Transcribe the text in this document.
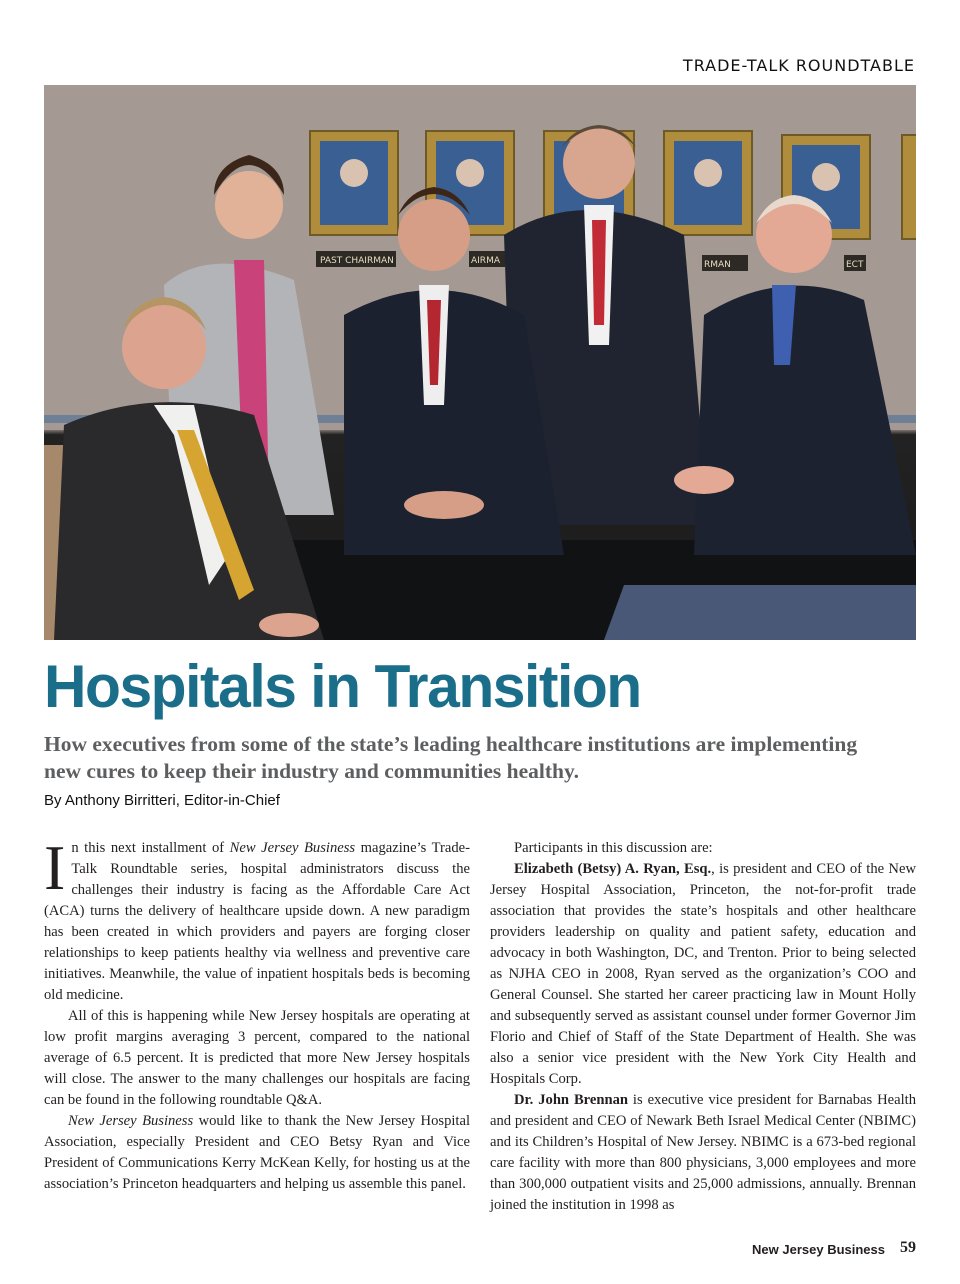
TRADE-TALK ROUNDTABLE
PAST CHAIRMAN	AIRMA	RMAN	ECT
Hospitals in Transition

How executives from some of the state’s leading healthcare institutions are implementing new cures to keep their industry and communities healthy.

By Anthony Birritteri, Editor-in-Chief

In this next installment of New Jersey Business magazine’s Trade-Talk Roundtable series, hospital administrators discuss the challenges their industry is facing as the Affordable Care Act (ACA) turns the delivery of healthcare upside down. A new paradigm has been created in which providers and payers are forging closer relationships to keep patients healthy via wellness and preventive care initiatives. Meanwhile, the value of inpatient hospitals beds is becoming old medicine.

All of this is happening while New Jersey hospitals are operating at low profit margins averaging 3 percent, compared to the national average of 6.5 percent. It is predicted that more New Jersey hospitals will close. The answer to the many challenges our hospitals are facing can be found in the following roundtable Q&A.

New Jersey Business would like to thank the New Jersey Hospital Association, especially President and CEO Betsy Ryan and Vice President of Communications Kerry McKean Kelly, for hosting us at the association’s Princeton headquarters and helping us assemble this panel.

Participants in this discussion are:

Elizabeth (Betsy) A. Ryan, Esq., is president and CEO of the New Jersey Hospital Association, Princeton, the not-for-profit trade association that provides the state’s hospitals and other healthcare providers leadership on quality and patient safety, education and advocacy in both Washington, DC, and Trenton. Prior to being selected as NJHA CEO in 2008, Ryan served as the organization’s COO and General Counsel. She started her career practicing law in Mount Holly and subsequently served as assistant counsel under former Governor Jim Florio and Chief of Staff of the State Department of Health. She was also a senior vice president with the New York City Health and Hospitals Corp.

Dr. John Brennan is executive vice president for Barnabas Health and president and CEO of Newark Beth Israel Medical Center (NBIMC) and its Children’s Hospital of New Jersey. NBIMC is a 673-bed regional care facility with more than 800 physicians, 3,000 employees and more than 300,000 outpatient visits and 25,000 admissions, annually. Brennan joined the institution in 1998 as

New Jersey Business 59
